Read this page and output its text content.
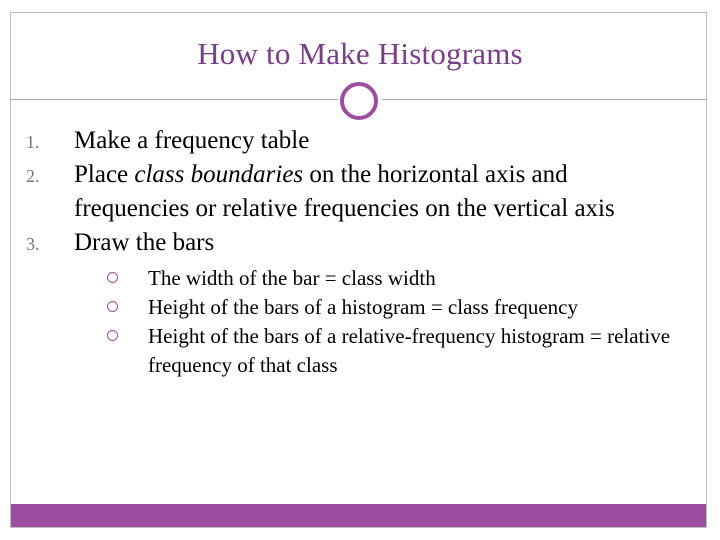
How to Make Histograms
1. Make a frequency table
2. Place class boundaries on the horizontal axis and frequencies or relative frequencies on the vertical axis
3. Draw the bars
The width of the bar = class width
Height of the bars of a histogram = class frequency
Height of the bars of a relative-frequency histogram = relative frequency of that class
